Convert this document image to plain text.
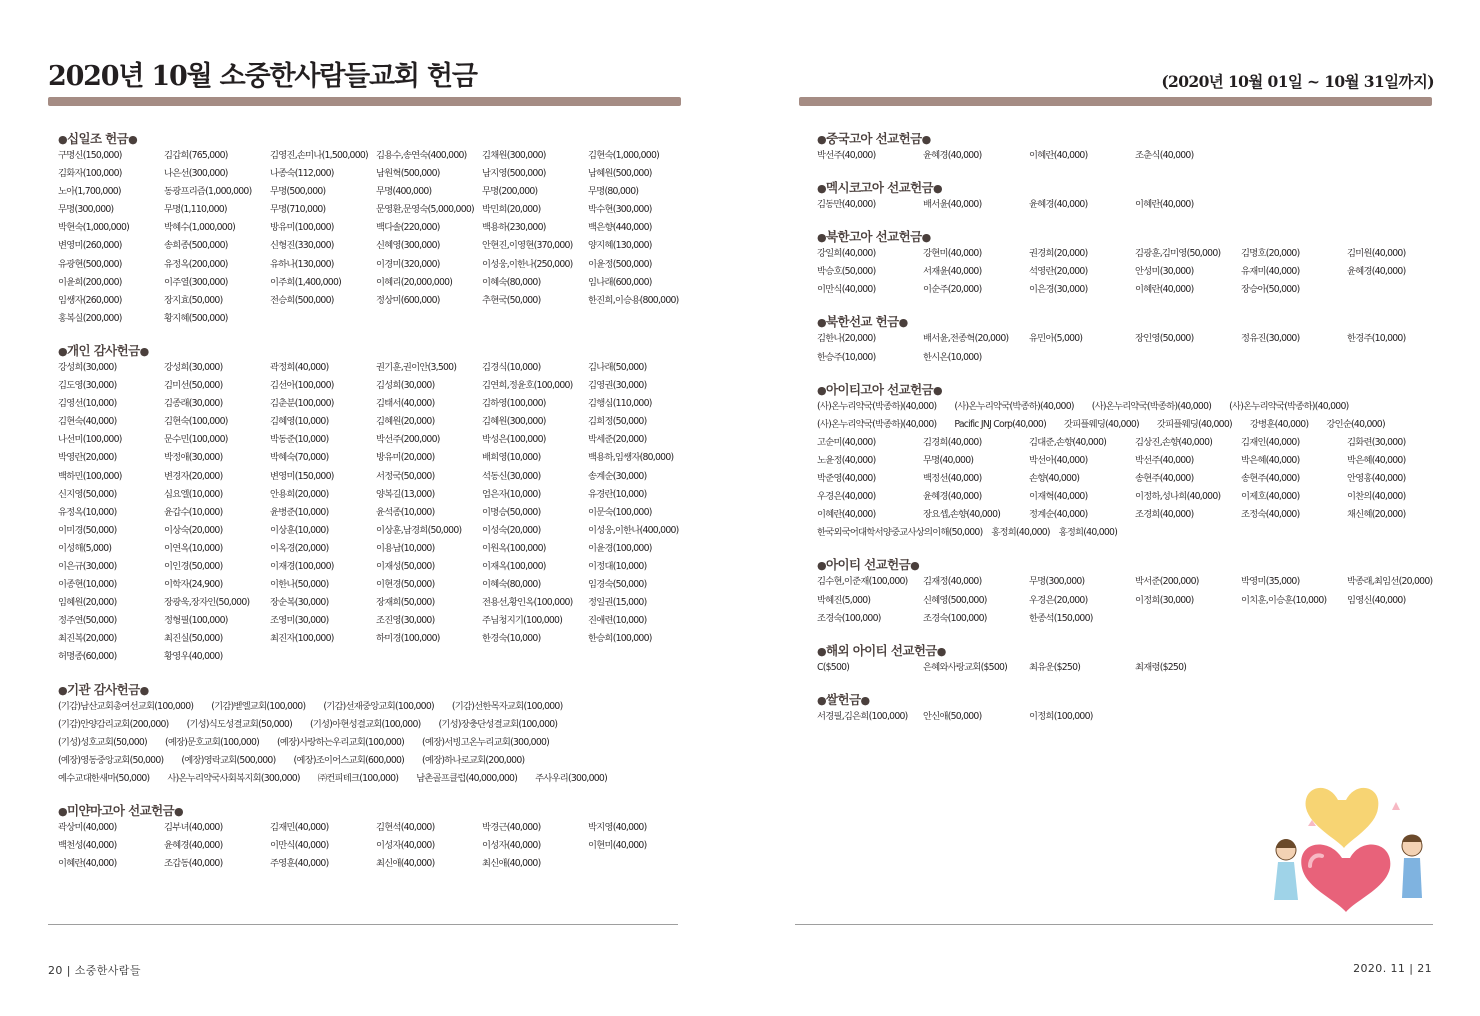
2020년 10월 소중한사람들교회 헌금
●십일조 헌금●
구명신(150,000)	김갑희(765,000)	김영진,손미나(1,500,000) 김용수,송연숙(400,000)	김채원(300,000)	김현숙(1,000,000)
김화자(100,000)	나은선(300,000)	나종숙(112,000)	남원혁(500,000)	남지영(500,000)	남혜원(500,000)
노아(1,700,000)	동광프리즘(1,000,000)	무명(500,000)	무명(400,000)	무명(200,000)	무명(80,000)
무명(300,000)	무명(1,110,000)	무명(710,000)	문영환,문영숙(5,000,000) 박민희(20,000)	박수현(300,000)
박현숙(1,000,000)	박혜수(1,000,000)	방유미(100,000)	백다솔(220,000)	백용하(230,000)	백은향(440,000)
변영미(260,000)	송희종(500,000)	신형진(330,000)	신혜영(300,000)	안현진,이영현(370,000)	양지혜(130,000)
유광현(500,000)	유정옥(200,000)	유하나(130,000)	이경미(320,000)	이성웅,이한나(250,000)	이윤정(500,000)
이윤희(200,000)	이주열(300,000)	이주희(1,400,000)	이혜리(20,000,000)	이혜숙(80,000)	임나래(600,000)
임쌩자(260,000)	장지효(50,000)	전승희(500,000)	정상미(600,000)	추현국(50,000)	한진희,이승용(800,000)
홍복실(200,000)	황지혜(500,000)
●개인 감사헌금●
강성희(30,000)	강성희(30,000)	곽정희(40,000)	권기훈,권이안(3,500)	김경식(10,000)	김나래(50,000)
김도영(30,000)	김미선(50,000)	김선아(100,000)	김성희(30,000)	김연희,정윤호(100,000)	김영권(30,000)
김영선(10,000)	김종래(30,000)	김춘분(100,000)	김태서(40,000)	김하영(100,000)	김행심(110,000)
김현숙(40,000)	김현숙(100,000)	김혜영(10,000)	김혜원(20,000)	김혜원(300,000)	김희정(50,000)
나선미(100,000)	문수민(100,000)	박동준(10,000)	박선주(200,000)	박성은(100,000)	박세준(20,000)
박영란(20,000)	박정애(30,000)	박혜숙(70,000)	방유미(20,000)	배희영(10,000)	백용하,임쌩자(80,000)
백하민(100,000)	변경자(20,000)	변영미(150,000)	서정국(50,000)	석동신(30,000)	송계순(30,000)
신지영(50,000)	심요엘(10,000)	안용희(20,000)	양복길(13,000)	엄은자(10,000)	유경란(10,000)
유정옥(10,000)	윤갑수(10,000)	윤병준(10,000)	윤석종(10,000)	이명승(50,000)	이문숙(100,000)
이미경(50,000)	이상숙(20,000)	이상훈(10,000)	이상훈,남경희(50,000)	이성숙(20,000)	이성웅,이한나(400,000)
이성해(5,000)	이연옥(10,000)	이옥경(20,000)	이용남(10,000)	이원옥(100,000)	이윤경(100,000)
이은규(30,000)	이인경(50,000)	이재경(100,000)	이재성(50,000)	이재옥(100,000)	이정대(10,000)
이종현(10,000)	이학자(24,900)	이한나(50,000)	이현경(50,000)	이혜숙(80,000)	임경숙(50,000)
임혜원(20,000)	장광욱,장자인(50,000)	장순복(30,000)	장재희(50,000)	전용선,황인옥(100,000)	정일권(15,000)
정주연(50,000)	정형필(100,000)	조영미(30,000)	조진영(30,000)	주님청지기(100,000)	진애련(10,000)
최진복(20,000)	최진실(50,000)	최진자(100,000)	하미경(100,000)	한경숙(10,000)	한승희(100,000)
허명종(60,000)	황영우(40,000)
●기관 감사헌금●
(기감)남산교회총여선교회(100,000) (기감)벧엘교회(100,000) (기감)선재중앙교회(100,000) (기감)선한목자교회(100,000)
(기감)안양감리교회(200,000) (기성)식도성결교회(50,000) (기성)아현성결교회(100,000) (기성)장충단성결교회(100,000)
(기성)성호교회(50,000) (예장)문호교회(100,000) (예장)사랑하는우리교회(100,000) (예장)서빙고온누리교회(300,000)
(예장)영동중앙교회(50,000) (예장)영락교회(500,000) (예장)조이어스교회(600,000) (예장)하나로교회(200,000)
예수교대한새마(50,000) 사)온누리약국사회복지회(300,000) ㈜컨피테크(100,000) 남촌골프클럽(40,000,000) 주사우리(300,000)
●미얀마고아 선교헌금●
곽상미(40,000)	김부녀(40,000)	김재민(40,000)	김현석(40,000)	박경근(40,000)	박지영(40,000)
백천성(40,000)	윤혜경(40,000)	이만식(40,000)	이성자(40,000)	이성자(40,000)	이현미(40,000)
이혜란(40,000)	조갑동(40,000)	주영훈(40,000)	최신애(40,000)	최신애(40,000)
20 | 소중한사람들
(2020년 10월 01일 ~ 10월 31일까지)
●중국고아 선교헌금●
박선주(40,000)	윤혜경(40,000)	이혜란(40,000)	조춘식(40,000)
●멕시코고아 선교헌금●
김동만(40,000)	배서윤(40,000)	윤혜경(40,000)	이혜란(40,000)
●북한고아 선교헌금●
강일희(40,000)	강현미(40,000)	권경희(20,000)	김광훈,김미영(50,000)	김명호(20,000)	김미원(40,000)
박승호(50,000)	서재윤(40,000)	석영란(20,000)	안성미(30,000)	유재미(40,000)	윤혜경(40,000)
이만식(40,000)	이순주(20,000)	이은경(30,000)	이혜란(40,000)	장승아(50,000)
●북한선교 헌금●
김한나(20,000)	배서윤,전종혁(20,000)	유민아(5,000)	장인영(50,000)	정유진(30,000)	한경주(10,000)
한승주(10,000)	한시온(10,000)
●아이티고아 선교헌금●
(사)온누리약국(박종하)(40,000) (사)온누리약국(박종하)(40,000) (사)온누리약국(박종하)(40,000) (사)온누리약국(박종하)(40,000)
(사)온누리약국(박종하)(40,000) Pacific JNJ Corp(40,000) 갓피플웨딩(40,000) 갓피플웨딩(40,000) 강병훈(40,000) 강인순(40,000)
고순미(40,000)	김경희(40,000)	김대준,손향(40,000)	김상진,손향(40,000)	김재인(40,000)	김화련(30,000)
노윤정(40,000)	무명(40,000)	박선아(40,000)	박선주(40,000)	박은혜(40,000)	박은혜(40,000)
박준영(40,000)	백정선(40,000)	손향(40,000)	송현주(40,000)	송현주(40,000)	안영홍(40,000)
우경은(40,000)	윤혜경(40,000)	이재혁(40,000)	이정하,성나희(40,000)	이제호(40,000)	이찬의(40,000)
이혜란(40,000)	장요셉,손향(40,000)	정계순(40,000)	조경희(40,000)	조정숙(40,000)	채신혜(20,000)
한국외국어대학서양중교사상의이해(50,000)    홍정희(40,000)    홍정희(40,000)
●아이티 선교헌금●
김수현,이준재(100,000)	김재정(40,000)	무명(300,000)	박서준(200,000)	박영미(35,000)	박종래,최임선(20,000)
박혜진(5,000)	신혜영(500,000)	우경은(20,000)	이정희(30,000)	이치훈,이승훈(10,000)	임영신(40,000)
조경숙(100,000)	조경숙(100,000)	한종석(150,000)
●해외 아이티 선교헌금●
C($500)	은혜와사랑교회($500)	최유운($250)	최재령($250)
●쌀헌금●
서경필,김은희(100,000)	안신애(50,000)	이정희(100,000)
2020. 11 | 21
